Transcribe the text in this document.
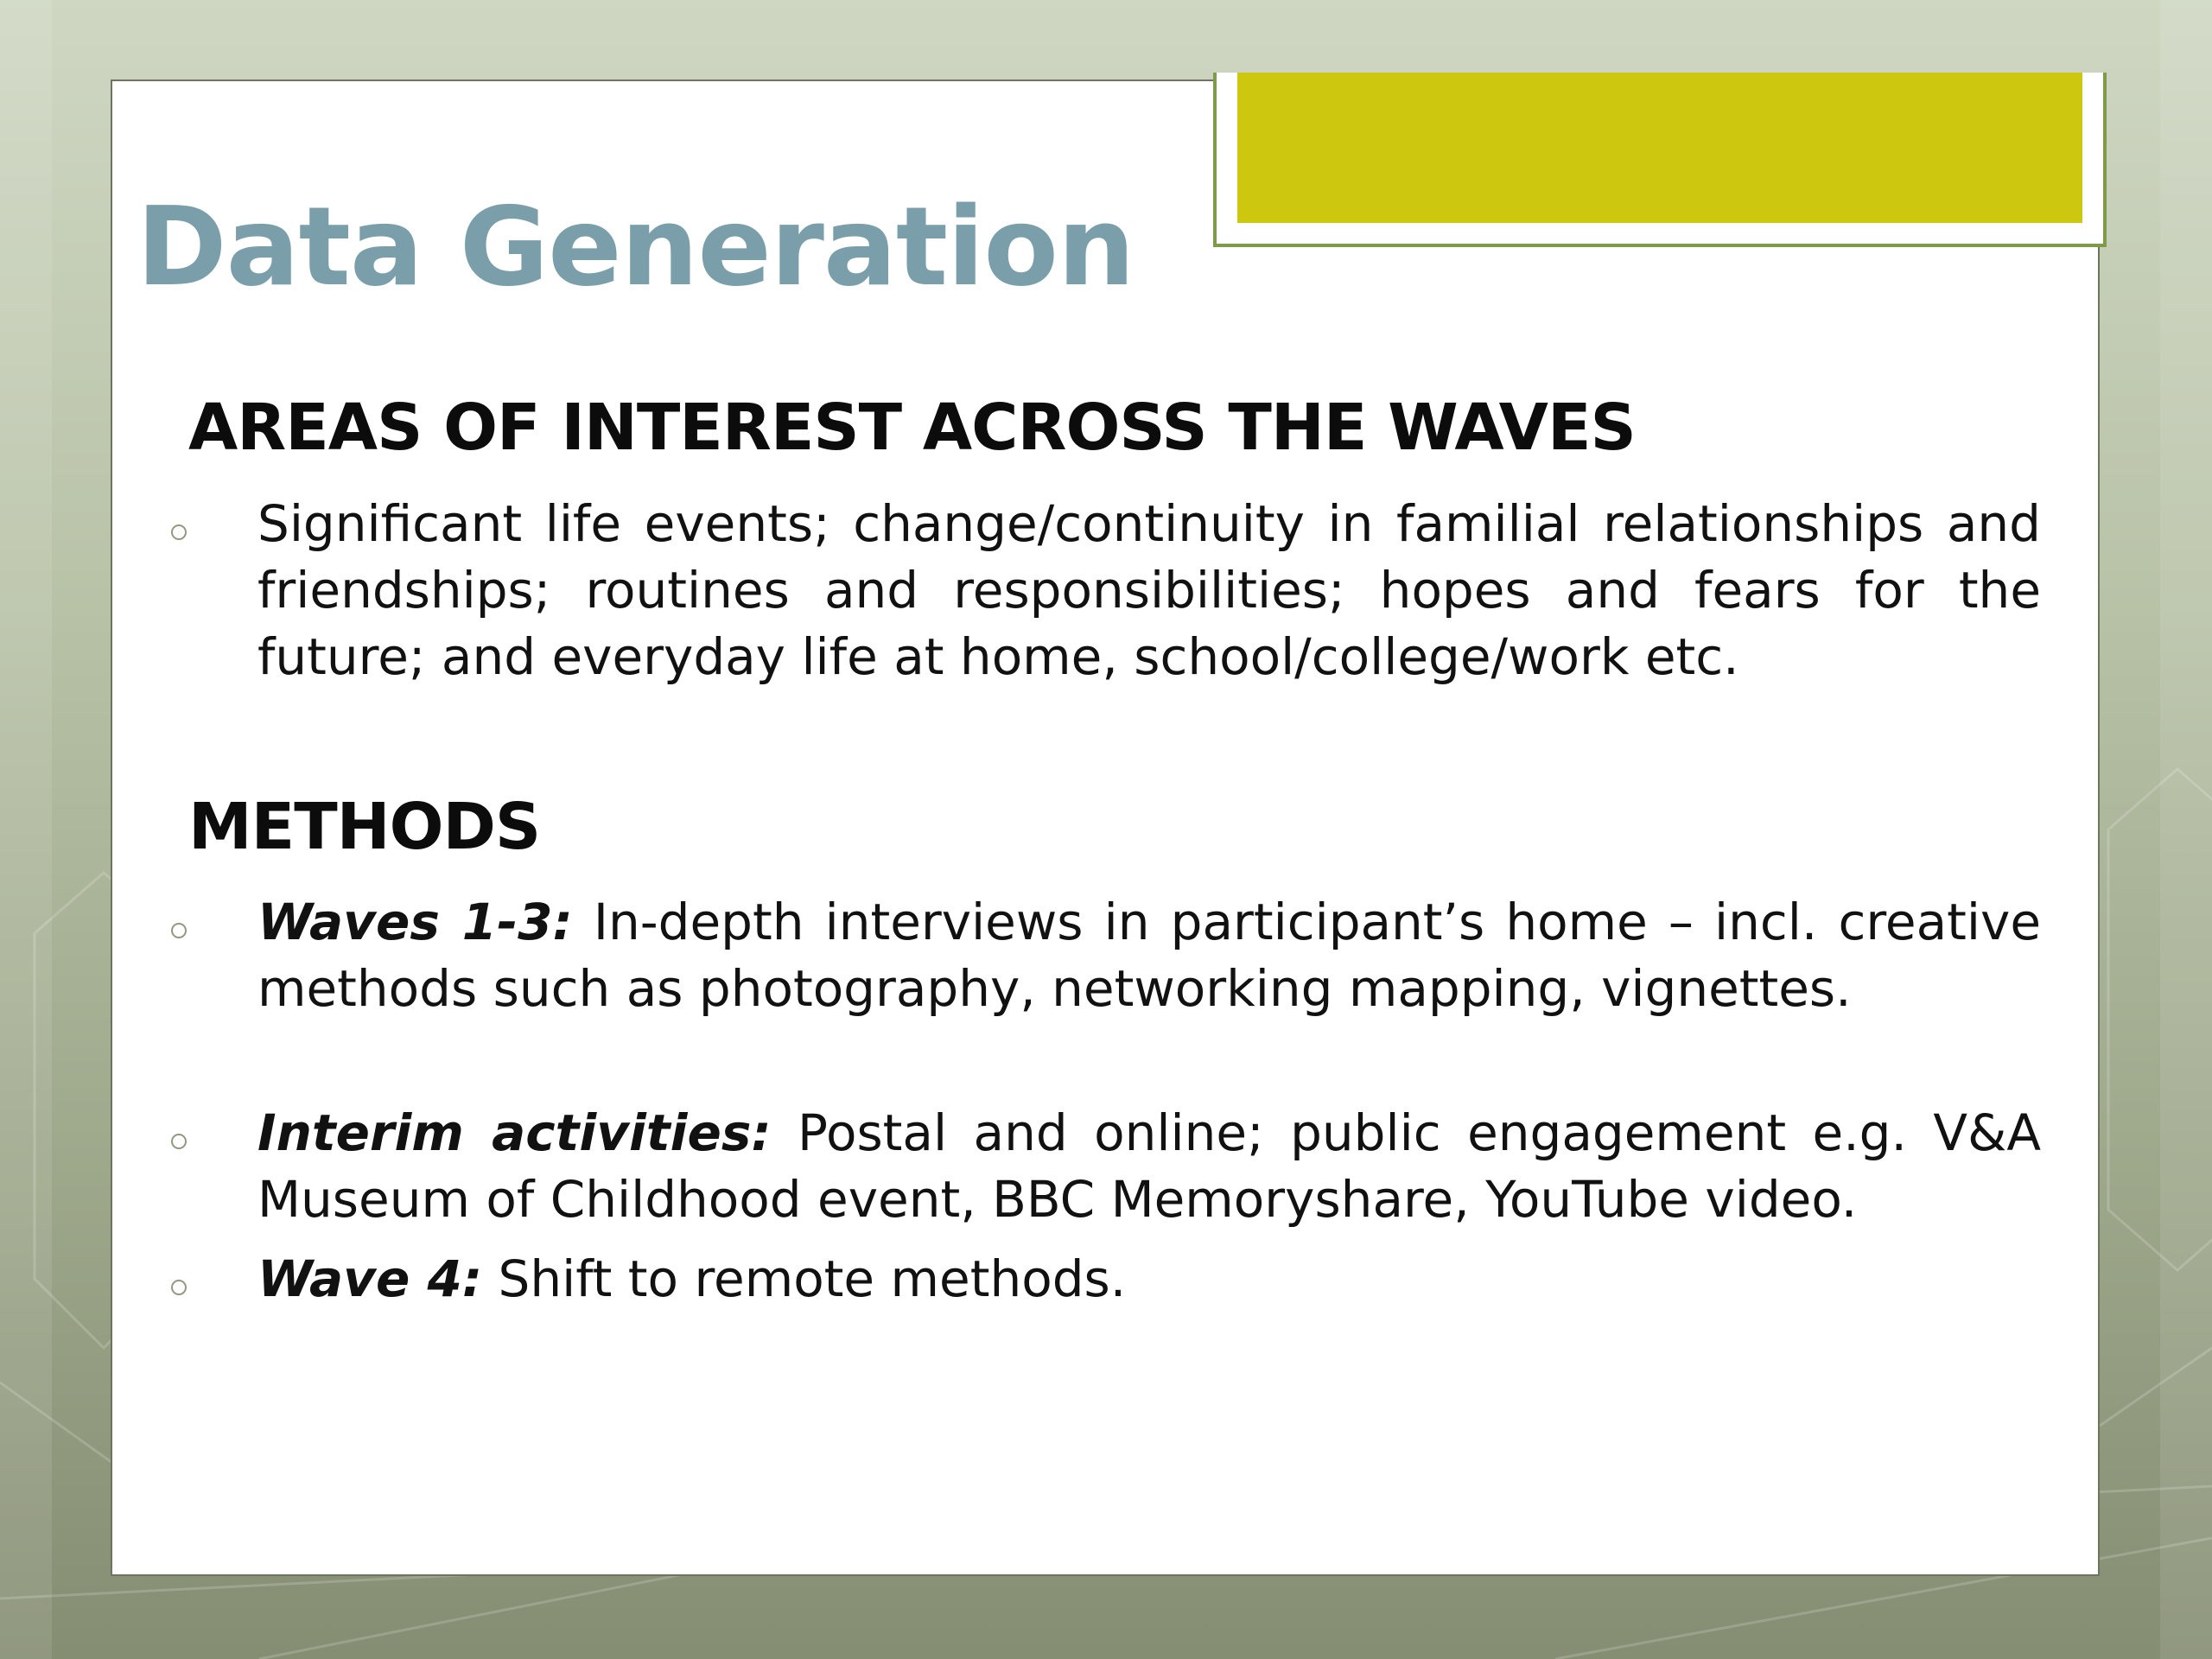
Data Generation
AREAS OF INTEREST ACROSS THE WAVES
Significant life events; change/continuity in familial relationships and friendships; routines and responsibilities; hopes and fears for the future; and everyday life at home, school/college/work etc.
METHODS
Waves 1-3: In-depth interviews in participant’s home – incl. creative methods such as photography, networking mapping, vignettes.
Interim activities: Postal and online; public engagement e.g. V&A Museum of Childhood event, BBC Memoryshare, YouTube video.
Wave 4: Shift to remote methods.
